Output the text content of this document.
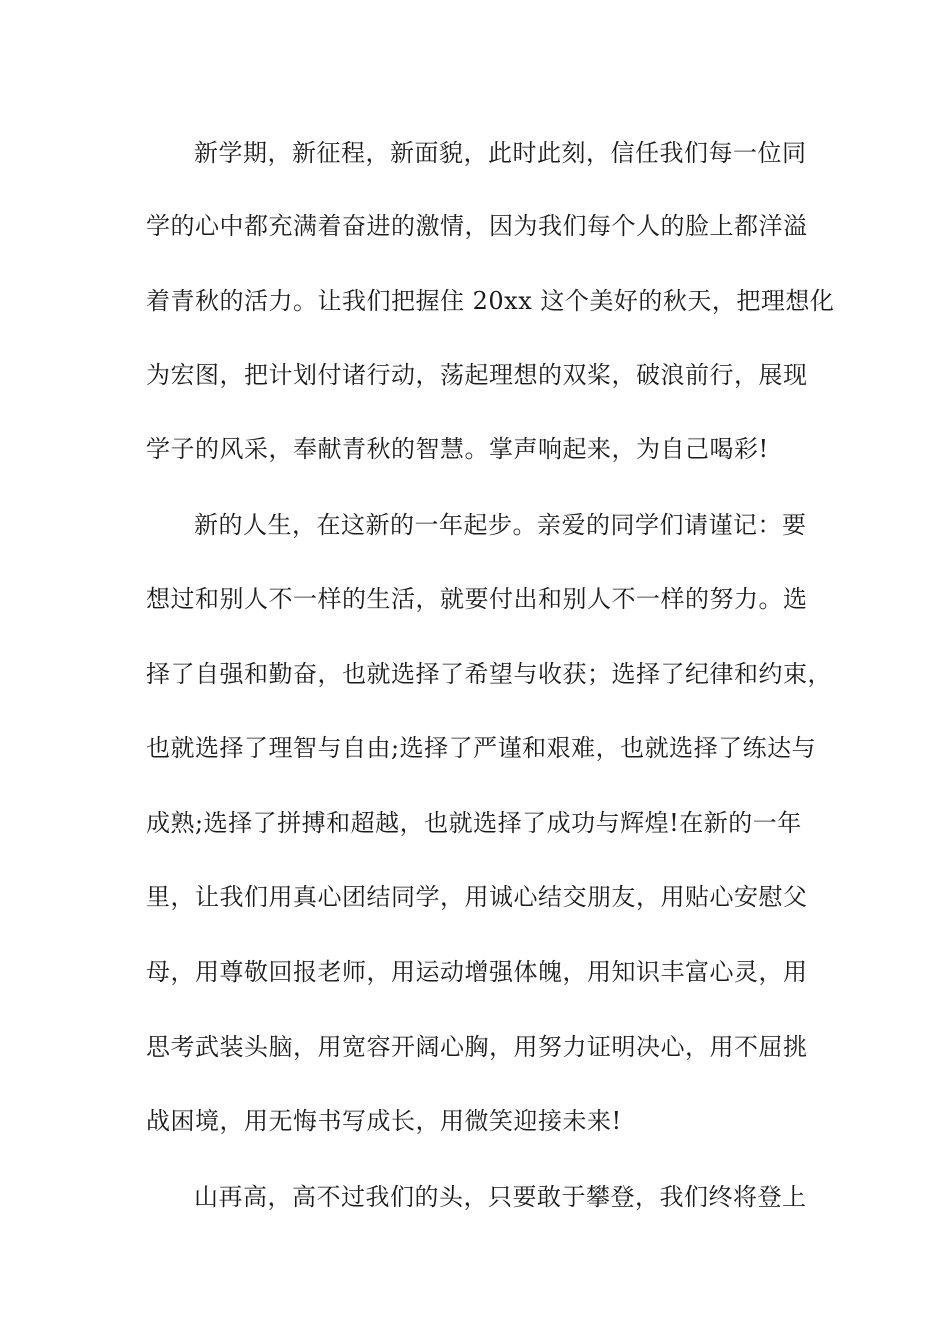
新学期，新征程，新面貌，此时此刻，信任我们每一位同
学的心中都充满着奋进的激情，因为我们每个人的脸上都洋溢
着青秋的活力。让我们把握住 20xx 这个美好的秋天，把理想化
为宏图，把计划付诸行动，荡起理想的双桨，破浪前行，展现
学子的风采，奉献青秋的智慧。掌声响起来，为自己喝彩!
新的人生，在这新的一年起步。亲爱的同学们请谨记：要
想过和别人不一样的生活，就要付出和别人不一样的努力。选
择了自强和勤奋，也就选择了希望与收获；选择了纪律和约束，
也就选择了理智与自由;选择了严谨和艰难，也就选择了练达与
成熟;选择了拼搏和超越，也就选择了成功与辉煌!在新的一年
里，让我们用真心团结同学，用诚心结交朋友，用贴心安慰父
母，用尊敬回报老师，用运动增强体魄，用知识丰富心灵，用
思考武装头脑，用宽容开阔心胸，用努力证明决心，用不屈挑
战困境，用无悔书写成长，用微笑迎接未来!
山再高，高不过我们的头，只要敢于攀登，我们终将登上
